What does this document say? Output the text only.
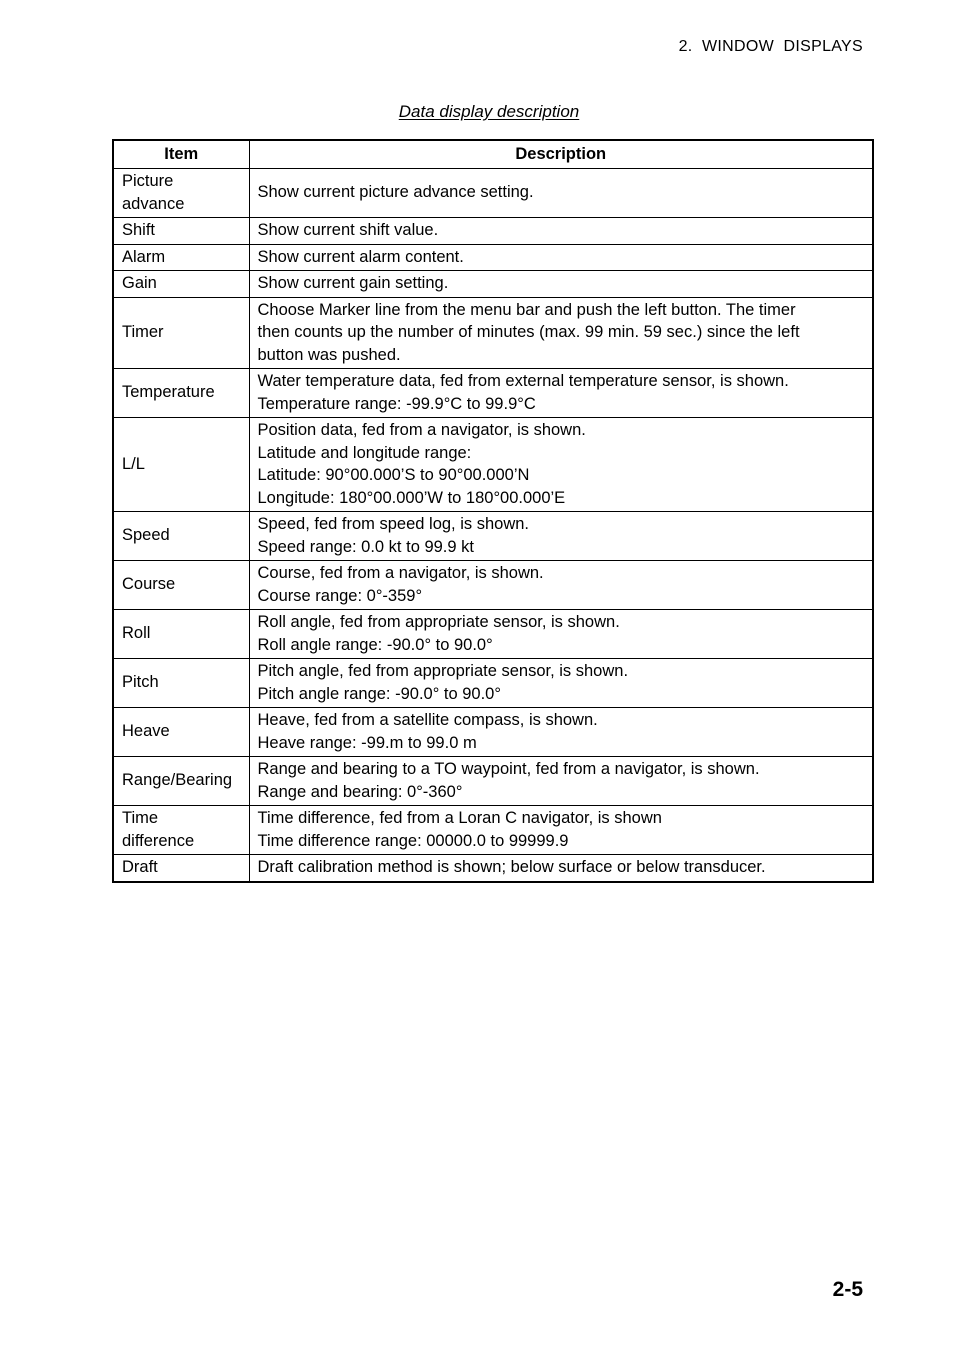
2.  WINDOW  DISPLAYS
Data display description
Item	Description

Picture
advance	Show current picture advance setting.

Shift	Show current shift value.

Alarm	Show current alarm content.

Gain	Show current gain setting.

Timer	Choose Marker line from the menu bar and push the left button. The timer
then counts up the number of minutes (max. 99 min. 59 sec.) since the left
button was pushed.

Temperature	Water temperature data, fed from external temperature sensor, is shown.
Temperature range: -99.9°C to 99.9°C

L/L	Position data, fed from a navigator, is shown.
Latitude and longitude range:
Latitude: 90°00.000’S to 90°00.000’N
Longitude: 180°00.000’W to 180°00.000’E

Speed	Speed, fed from speed log, is shown.
Speed range: 0.0 kt to 99.9 kt

Course	Course, fed from a navigator, is shown.
Course range: 0°-359°

Roll	Roll angle, fed from appropriate sensor, is shown.
Roll angle range: -90.0° to 90.0°

Pitch	Pitch angle, fed from appropriate sensor, is shown.
Pitch angle range: -90.0° to 90.0°

Heave	Heave, fed from a satellite compass, is shown.
Heave range: -99.m to 99.0 m

Range/Bearing	Range and bearing to a TO waypoint, fed from a navigator, is shown.
Range and bearing: 0°-360°

Time
difference	Time difference, fed from a Loran C navigator, is shown
Time difference range: 00000.0 to 99999.9

Draft	Draft calibration method is shown; below surface or below transducer.
2-5
